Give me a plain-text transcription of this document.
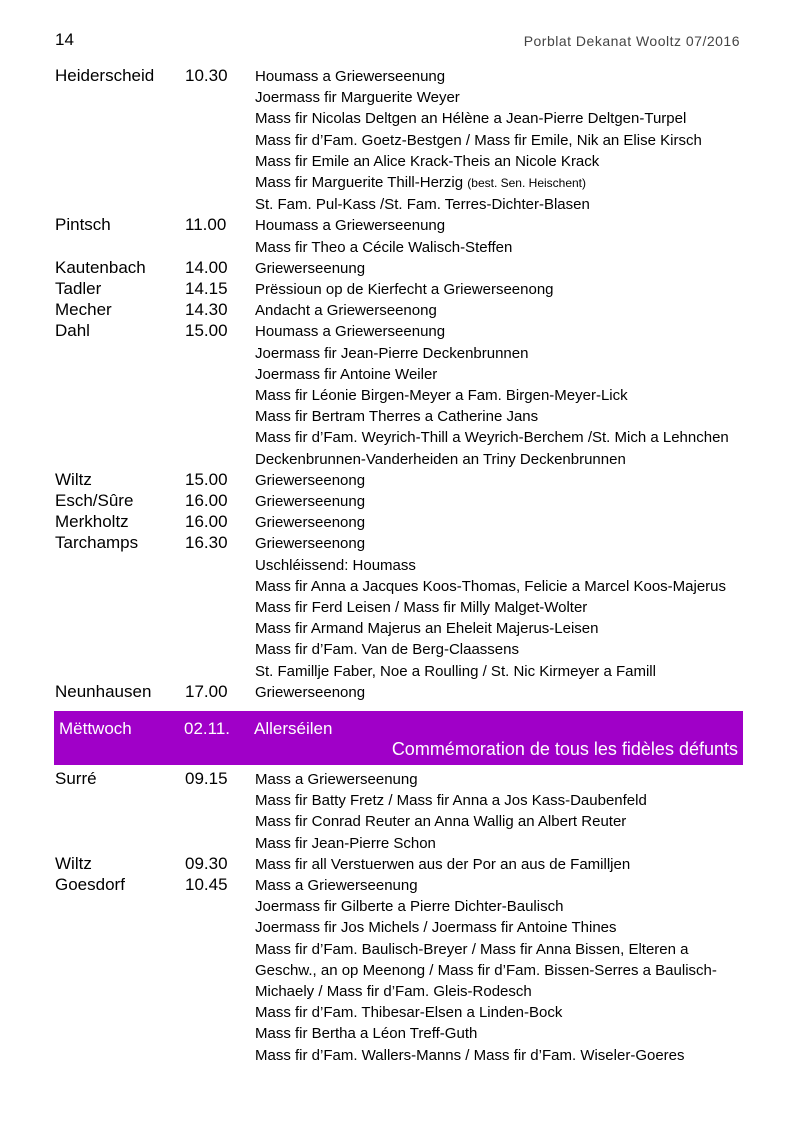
14	Porblat Dekanat Wooltz 07/2016
Heiderscheid 10.30 Houmass a Griewerseenung
Joermass fir Marguerite Weyer
Mass fir Nicolas Deltgen an Hélène a Jean-Pierre Deltgen-Turpel
Mass fir d’Fam. Goetz-Bestgen / Mass fir Emile, Nik an Elise Kirsch
Mass fir Emile an Alice Krack-Theis an Nicole Krack
Mass fir Marguerite Thill-Herzig (best. Sen. Heischent)
St. Fam. Pul-Kass /St. Fam. Terres-Dichter-Blasen
Pintsch	11.00 Houmass a Griewerseenung
Mass fir Theo a Cécile Walisch-Steffen
Kautenbach 14.00 Griewerseenung
Tadler	14.15 Prëssioun op de Kierfecht a Griewerseenong
Mecher	14.30 Andacht a Griewerseenong
Dahl	15.00 Houmass a Griewerseenung
Joermass fir Jean-Pierre Deckenbrunnen
Joermass fir Antoine Weiler
Mass fir Léonie Birgen-Meyer a Fam. Birgen-Meyer-Lick
Mass fir Bertram Therres a Catherine Jans
Mass fir d’Fam. Weyrich-Thill a Weyrich-Berchem /St. Mich a Lehnchen
Deckenbrunnen-Vanderheiden an Triny Deckenbrunnen
Wiltz	15.00 Griewerseenong
Esch/Sûre	16.00 Griewerseenung
Merkholtz	16.00 Griewerseenong
Tarchamps	16.30 Griewerseenong
Uschléissend: Houmass
Mass fir Anna a Jacques Koos-Thomas, Felicie a Marcel Koos-Majerus
Mass fir Ferd Leisen / Mass fir Milly Malget-Wolter
Mass fir Armand Majerus an Eheleit Majerus-Leisen
Mass fir d’Fam. Van de Berg-Claassens
St. Famillje Faber, Noe a Roulling / St. Nic Kirmeyer a Famill
Neunhausen 17.00 Griewerseenong
Mëttwoch	02.11. Allerséilen
Commémoration de tous les fidèles défunts
Surré	09.15 Mass a Griewerseenung
Mass fir Batty Fretz / Mass fir Anna a Jos Kass-Daubenfeld
Mass fir Conrad Reuter an Anna Wallig an Albert Reuter
Mass fir Jean-Pierre Schon
Wiltz	09.30 Mass fir all Verstuerwen aus der Por an aus de Familljen
Goesdorf	10.45 Mass a Griewerseenung
Joermass fir Gilberte a Pierre Dichter-Baulisch
Joermass fir Jos Michels / Joermass fir Antoine Thines
Mass fir d’Fam. Baulisch-Breyer / Mass fir Anna Bissen, Elteren a
Geschw., an op Meenong / Mass fir d’Fam. Bissen-Serres a Baulisch-
Michaely / Mass fir d’Fam. Gleis-Rodesch
Mass fir d’Fam. Thibesar-Elsen a Linden-Bock
Mass fir Bertha a Léon Treff-Guth
Mass fir d’Fam. Wallers-Manns / Mass fir d’Fam. Wiseler-Goeres
